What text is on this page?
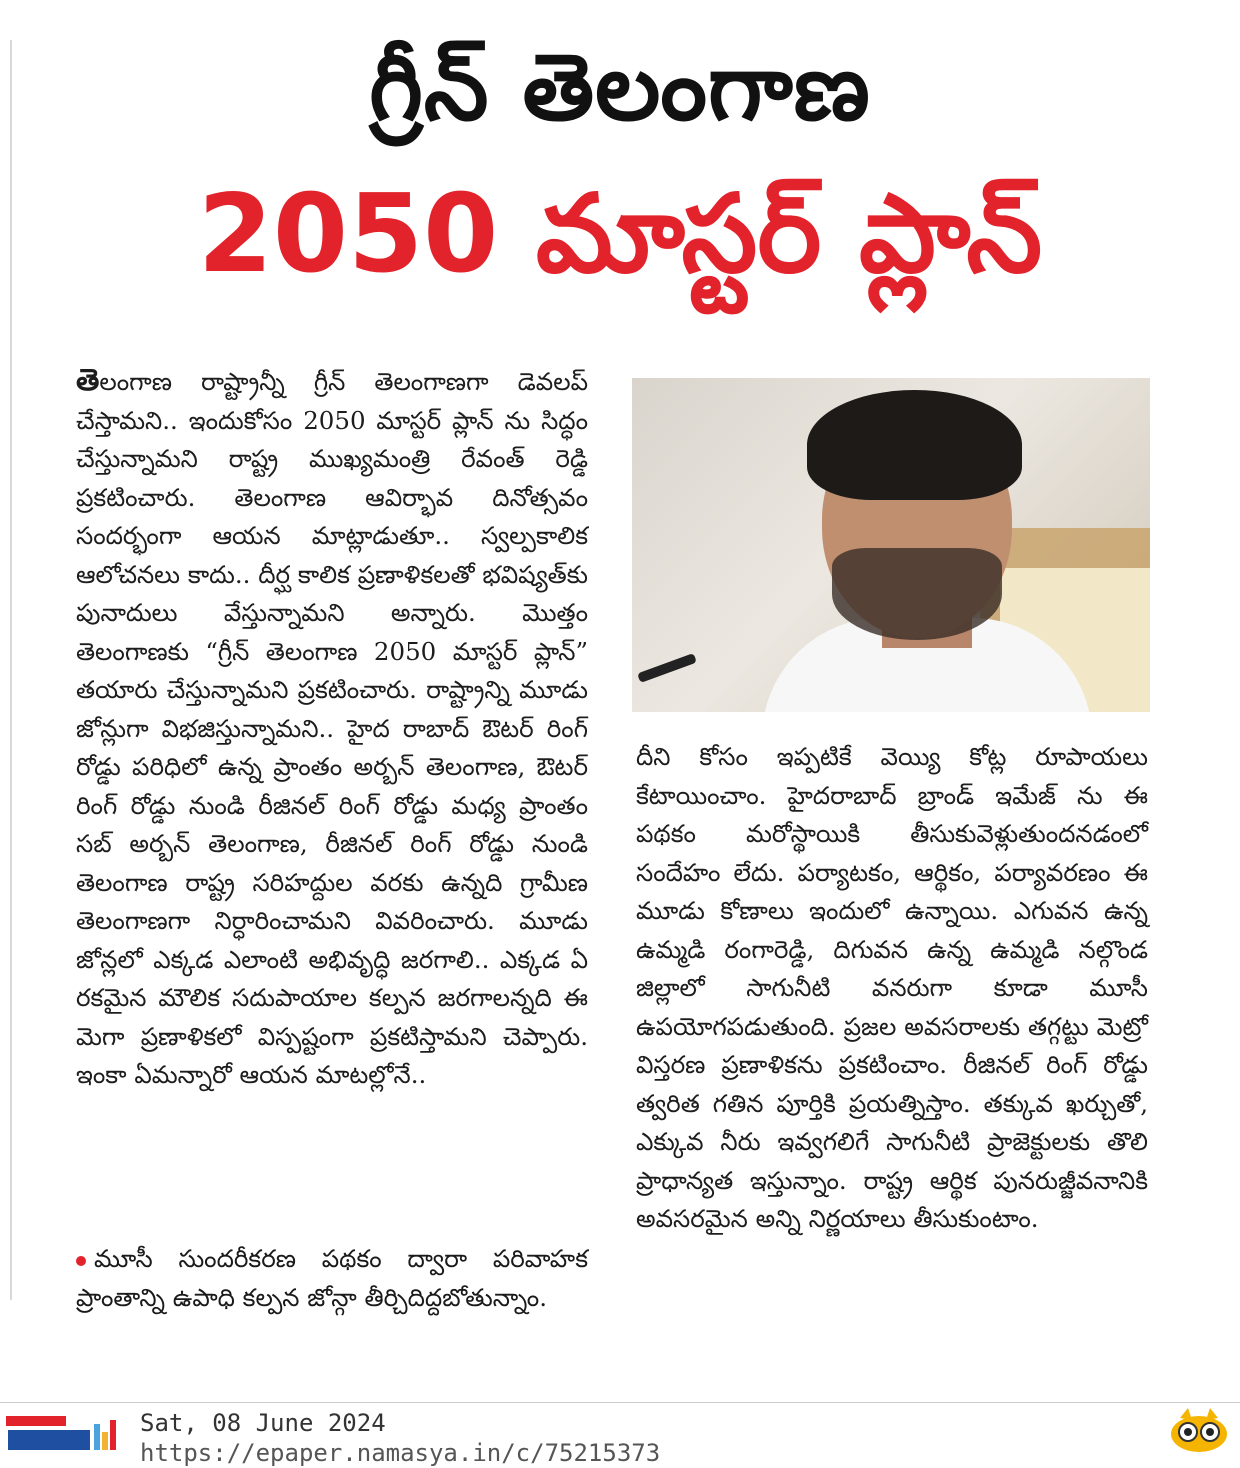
గ్రీన్ తెలంగాణ
2050 మాస్టర్ ప్లాన్
తెలంగాణ రాష్ట్రాన్నీ గ్రీన్ తెలంగాణగా డెవలప్ చేస్తామని.. ఇందుకోసం 2050 మాస్టర్ ప్లాన్ ను సిద్ధం చేస్తున్నామని రాష్ట్ర ముఖ్యమంత్రి రేవంత్ రెడ్డి ప్రకటించారు. తెలంగాణ ఆవిర్భావ దినోత్సవం సందర్భంగా ఆయన మాట్లాడుతూ.. స్వల్పకాలిక ఆలోచనలు కాదు.. దీర్ఘ కాలిక ప్రణాళికలతో భవిష్యత్‌కు పునాదులు వేస్తున్నామని అన్నారు. మొత్తం తెలంగాణకు “గ్రీన్ తెలంగాణ 2050 మాస్టర్ ప్లాన్” తయారు చేస్తున్నామని ప్రకటించారు. రాష్ట్రాన్ని మూడు జోన్లుగా విభజిస్తున్నామని.. హైద రాబాద్ ఔటర్ రింగ్ రోడ్డు పరిధిలో ఉన్న ప్రాంతం అర్బన్ తెలంగాణ, ఔటర్ రింగ్ రోడ్డు నుండి రీజినల్ రింగ్ రోడ్డు మధ్య ప్రాంతం సబ్ అర్బన్ తెలంగాణ, రీజినల్ రింగ్ రోడ్డు నుండి తెలంగాణ రాష్ట్ర సరిహద్దుల వరకు ఉన్నది గ్రామీణ తెలంగాణగా నిర్ధారించామని వివరించారు. మూడు జోన్లలో ఎక్కడ ఎలాంటి అభివృద్ధి జరగాలి.. ఎక్కడ ఏ రకమైన మౌలిక సదుపాయాల కల్పన జరగాలన్నది ఈ మెగా ప్రణాళికలో విస్పష్టంగా ప్రకటిస్తామని చెప్పారు. ఇంకా ఏమన్నారో ఆయన మాటల్లోనే..
మూసీ సుందరీకరణ పథకం ద్వారా పరివాహక ప్రాంతాన్ని ఉపాధి కల్పన జోన్గా తీర్చిదిద్దబోతున్నాం.
దీని కోసం ఇప్పటికే వెయ్యి కోట్ల రూపాయలు కేటాయించాం. హైదరాబాద్ బ్రాండ్ ఇమేజ్ ను ఈ పథకం మరోస్థాయికి తీసుకువెళ్లుతుందనడంలో సందేహం లేదు. పర్యాటకం, ఆర్థికం, పర్యావరణం ఈ మూడు కోణాలు ఇందులో ఉన్నాయి. ఎగువన ఉన్న ఉమ్మడి రంగారెడ్డి, దిగువన ఉన్న ఉమ్మడి నల్గొండ జిల్లాలో సాగునీటి వనరుగా కూడా మూసీ ఉపయోగపడుతుంది. ప్రజల అవసరాలకు తగ్గట్టు మెట్రో విస్తరణ ప్రణాళికను ప్రకటించాం. రీజినల్ రింగ్ రోడ్డు త్వరిత గతిన పూర్తికి ప్రయత్నిస్తాం. తక్కువ ఖర్చుతో, ఎక్కువ నీరు ఇవ్వగలిగే సాగునీటి ప్రాజెక్టులకు తొలి ప్రాధాన్యత ఇస్తున్నాం. రాష్ట్ర ఆర్థిక పునరుజ్జీవనానికి అవసరమైన అన్ని నిర్ణయాలు తీసుకుంటాం.
Sat, 08 June 2024
https://epaper.namasya.in/c/75215373
